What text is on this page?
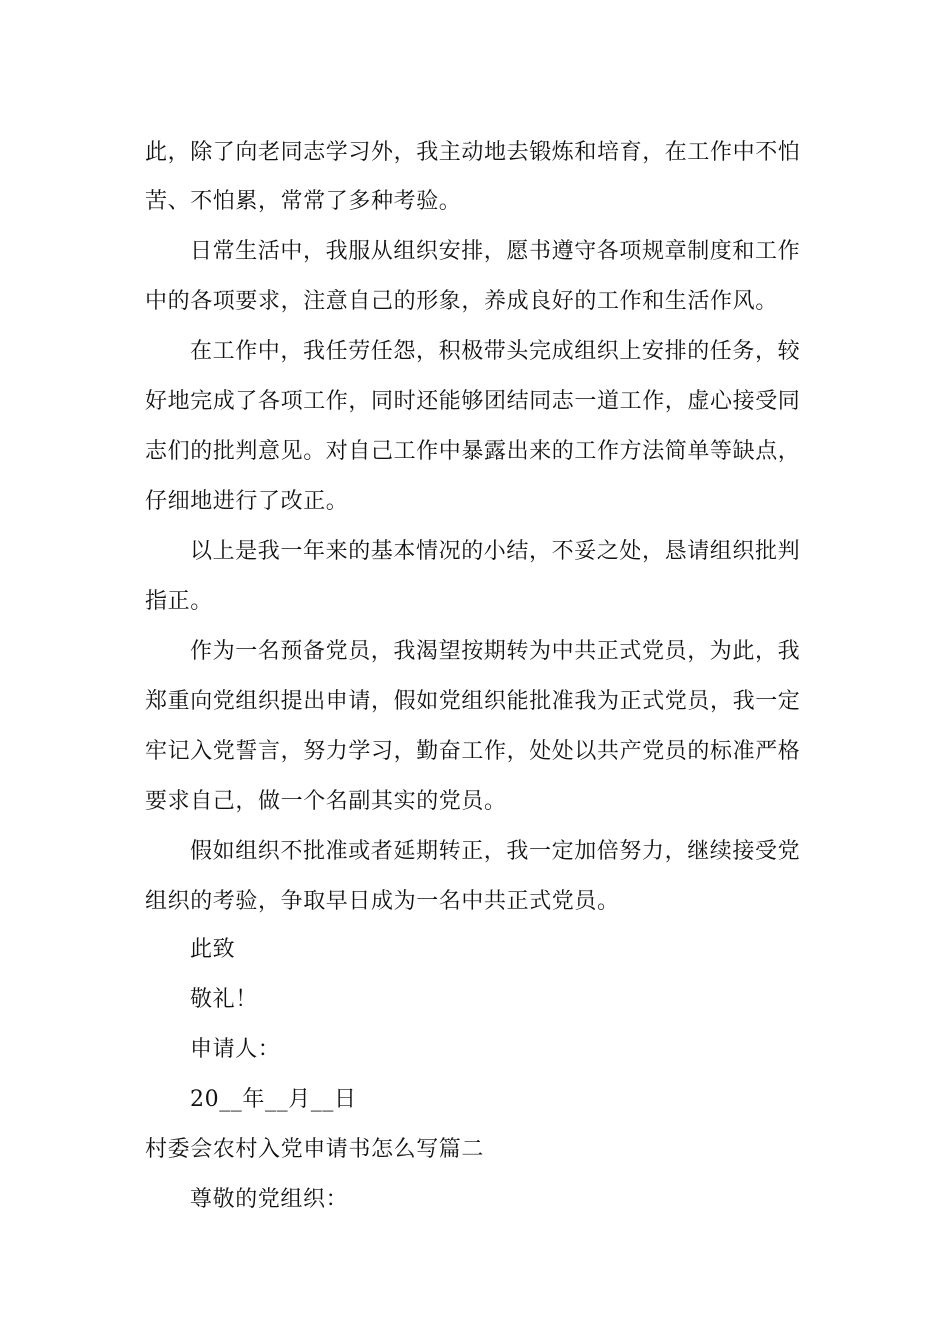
此，除了向老同志学习外，我主动地去锻炼和培育，在工作中不怕
苦、不怕累，常常了多种考验。
日常生活中，我服从组织安排，愿书遵守各项规章制度和工作
中的各项要求，注意自己的形象，养成良好的工作和生活作风。
在工作中，我任劳任怨，积极带头完成组织上安排的任务，较
好地完成了各项工作，同时还能够团结同志一道工作，虚心接受同
志们的批判意见。对自己工作中暴露出来的工作方法简单等缺点，
仔细地进行了改正。
以上是我一年来的基本情况的小结，不妥之处，恳请组织批判
指正。
作为一名预备党员，我渴望按期转为中共正式党员，为此，我
郑重向党组织提出申请，假如党组织能批准我为正式党员，我一定
牢记入党誓言，努力学习，勤奋工作，处处以共产党员的标准严格
要求自己，做一个名副其实的党员。
假如组织不批准或者延期转正，我一定加倍努力，继续接受党
组织的考验，争取早日成为一名中共正式党员。
此致
敬礼！
申请人：
20__年__月__日
村委会农村入党申请书怎么写篇二
尊敬的党组织：
